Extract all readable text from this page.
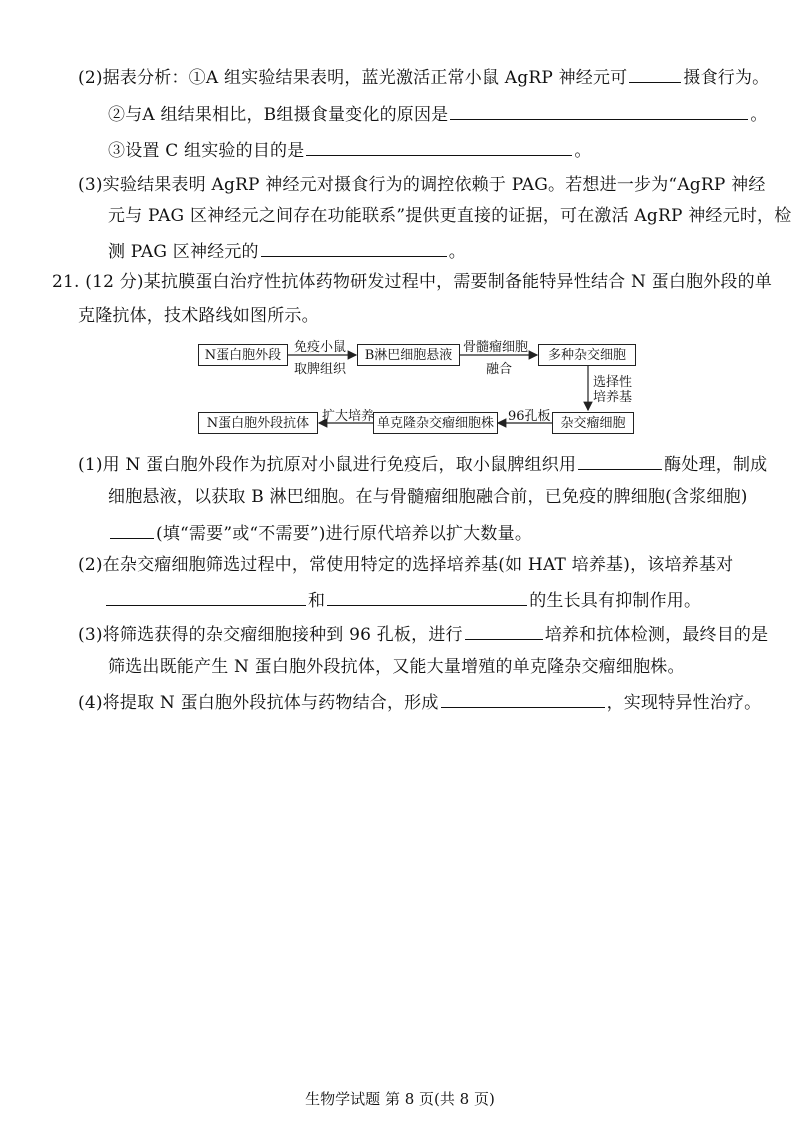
(2)据表分析：①A 组实验结果表明，蓝光激活正常小鼠 AgRP 神经元可	摄食行为。
②与A 组结果相比，B组摄食量变化的原因是	。
③设置 C 组实验的目的是	。
(3)实验结果表明 AgRP 神经元对摄食行为的调控依赖于 PAG。若想进一步为“AgRP 神经
元与 PAG 区神经元之间存在功能联系”提供更直接的证据，可在激活 AgRP 神经元时，检
测 PAG 区神经元的	。
21. (12 分)某抗膜蛋白治疗性抗体药物研发过程中，需要制备能特异性结合 N 蛋白胞外段的单
克隆抗体，技术路线如图所示。
N蛋白胞外段	B淋巴细胞悬液	多种杂交细胞
杂交瘤细胞
单克隆杂交瘤细胞株
N蛋白胞外段抗体
免疫小鼠
取脾组织
骨髓瘤细胞
融合
选择性
培养基
96孔板
扩大培养
(1)用 N 蛋白胞外段作为抗原对小鼠进行免疫后，取小鼠脾组织用	酶处理，制成
细胞悬液，以获取 B 淋巴细胞。在与骨髓瘤细胞融合前，已免疫的脾细胞(含浆细胞)
(填“需要”或“不需要”)进行原代培养以扩大数量。
(2)在杂交瘤细胞筛选过程中，常使用特定的选择培养基(如 HAT 培养基)，该培养基对
和	的生长具有抑制作用。
(3)将筛选获得的杂交瘤细胞接种到 96 孔板，进行	培养和抗体检测，最终目的是
筛选出既能产生 N 蛋白胞外段抗体，又能大量增殖的单克隆杂交瘤细胞株。
(4)将提取 N 蛋白胞外段抗体与药物结合，形成	，实现特异性治疗。
生物学试题 第 8 页(共 8 页)
